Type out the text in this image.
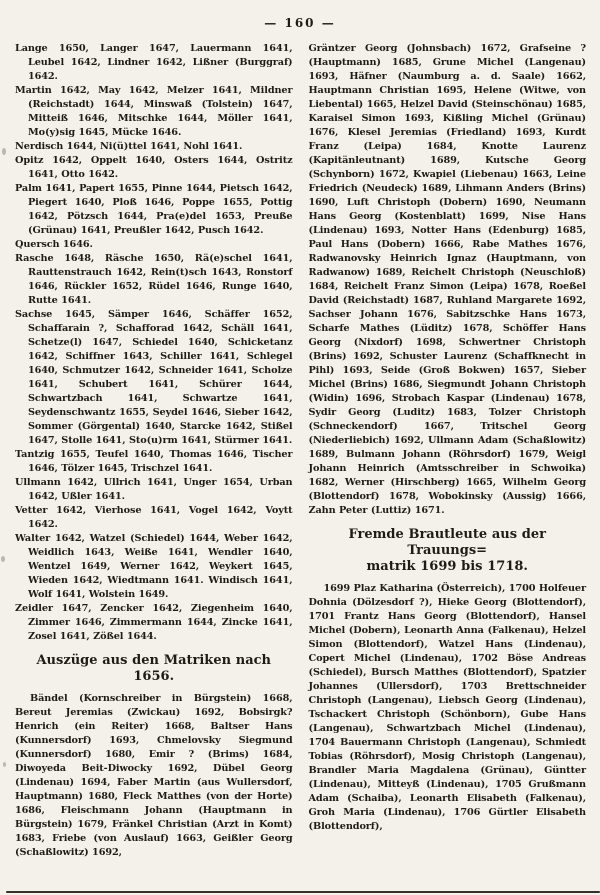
— 160 —

Lange 1650, Langer 1647, Lauermann 1641, Leubel 1642, Lindner 1642, Lißner (Burggraf) 1642.

Martin 1642, May 1642, Melzer 1641, Mildner (Reichstadt) 1644, Minswaß (Tolstein) 1647, Mitteiß 1646, Mitschke 1644, Möller 1641, Mo(y)sig 1645, Mücke 1646.

Nerdisch 1644, Ni(ü)ttel 1641, Nohl 1641.

Opitz 1642, Oppelt 1640, Osters 1644, Ostritz 1641, Otto 1642.

Palm 1641, Papert 1655, Pinne 1644, Pietsch 1642, Piegert 1640, Ploß 1646, Poppe 1655, Pottig 1642, Pötzsch 1644, Pra(e)del 1653, Preuße (Grünau) 1641, Preußler 1642, Pusch 1642.

Quersch 1646.

Rasche 1648, Räsche 1650, Rä(e)schel 1641, Rauttenstrauch 1642, Rein(t)sch 1643, Ronstorf 1646, Rückler 1652, Rüdel 1646, Runge 1640, Rutte 1641.

Sachse 1645, Sämper 1646, Schäffer 1652, Schaffarain ?, Schafforad 1642, Schäll 1641, Schetze(l) 1647, Schiedel 1640, Schicketanz 1642, Schiffner 1643, Schiller 1641, Schlegel 1640, Schmutzer 1642, Schneider 1641, Scholze 1641, Schubert 1641, Schürer 1644, Schwartzbach 1641, Schwartze 1641, Seydenschwantz 1655, Seydel 1646, Sieber 1642, Sommer (Görgental) 1640, Starcke 1642, Stißel 1647, Stolle 1641, Sto(u)rm 1641, Stürmer 1641.

Tantzig 1655, Teufel 1640, Thomas 1646, Tischer 1646, Tölzer 1645, Trischzel 1641.

Ullmann 1642, Ullrich 1641, Unger 1654, Urban 1642, Ußler 1641.

Vetter 1642, Vierhose 1641, Vogel 1642, Voytt 1642.

Walter 1642, Watzel (Schiedel) 1644, Weber 1642, Weidlich 1643, Weiße 1641, Wendler 1640, Wentzel 1649, Werner 1642, Weykert 1645, Wieden 1642, Wiedtmann 1641. Windisch 1641, Wolf 1641, Wolstein 1649.

Zeidler 1647, Zencker 1642, Ziegenheim 1640, Zimmer 1646, Zimmermann 1644, Zincke 1641, Zosel 1641, Zößel 1644.

Auszüge aus den Matriken nach 1656.

Bändel (Kornschreiber in Bürgstein) 1668, Bereut Jeremias (Zwickau) 1692, Bobsirgk? Henrich (ein Reiter) 1668, Baltser Hans (Kunnersdorf) 1693, Chmelovsky Siegmund (Kunnersdorf) 1680, Emir ? (Brims) 1684, Diwoyeda Beit-Diwocky 1692, Dübel Georg (Lindenau) 1694, Faber Martin (aus Wullersdorf, Hauptmann) 1680, Fleck Matthes (von der Horte) 1686, Fleischmann Johann (Hauptmann in Bürgstein) 1679, Fränkel Christian (Arzt in Komt) 1683, Friebe (von Auslauf) 1663, Geißler Georg (Schaßlowitz) 1692,

Gräntzer Georg (Johnsbach) 1672, Grafseine ? (Hauptmann) 1685, Grune Michel (Langenau) 1693, Häfner (Naumburg a. d. Saale) 1662, Hauptmann Christian 1695, Helene (Witwe, von Liebental) 1665, Helzel David (Steinschönau) 1685, Karaisel Simon 1693, Kißling Michel (Grünau) 1676, Klesel Jeremias (Friedland) 1693, Kurdt Franz (Leipa) 1684, Knotte Laurenz (Kapitänleutnant) 1689, Kutsche Georg (Schynborn) 1672, Kwapiel (Liebenau) 1663, Leine Friedrich (Neudeck) 1689, Lihmann Anders (Brins) 1690, Luft Christoph (Dobern) 1690, Neumann Hans Georg (Kostenblatt) 1699, Nise Hans (Lindenau) 1693, Notter Hans (Edenburg) 1685, Paul Hans (Dobern) 1666, Rabe Mathes 1676, Radwanovsky Heinrich Ignaz (Hauptmann, von Radwanow) 1689, Reichelt Christoph (Neuschloß) 1684, Reichelt Franz Simon (Leipa) 1678, Roeßel David (Reichstadt) 1687, Ruhland Margarete 1692, Sachser Johann 1676, Sabitzschke Hans 1673, Scharfe Mathes (Lüditz) 1678, Schöffer Hans Georg (Nixdorf) 1698, Schwertner Christoph (Brins) 1692, Schuster Laurenz (Schaffknecht in Pihl) 1693, Seide (Groß Bokwen) 1657, Sieber Michel (Brins) 1686, Siegmundt Johann Christoph (Widin) 1696, Strobach Kaspar (Lindenau) 1678, Sydir Georg (Luditz) 1683, Tolzer Christoph (Schneckendorf) 1667, Tritschel Georg (Niederliebich) 1692, Ullmann Adam (Schaßlowitz) 1689, Bulmann Johann (Röhrsdorf) 1679, Weigl Johann Heinrich (Amtsschreiber in Schwoika) 1682, Werner (Hirschberg) 1665, Wilhelm Georg (Blottendorf) 1678, Wobokinsky (Aussig) 1666, Zahn Peter (Luttiz) 1671.

Fremde Brautleute aus der Trauungs=
matrik 1699 bis 1718.

1699 Plaz Katharina (Österreich), 1700 Holfeuer Dohnia (Dölzesdorf ?), Hieke Georg (Blottendorf), 1701 Frantz Hans Georg (Blottendorf), Hansel Michel (Dobern), Leonarth Anna (Falkenau), Helzel Simon (Blottendorf), Watzel Hans (Lindenau), Copert Michel (Lindenau), 1702 Böse Andreas (Schiedel), Bursch Matthes (Blottendorf), Spatzier Johannes (Ullersdorf), 1703 Brettschneider Christoph (Langenau), Liebsch Georg (Lindenau), Tschackert Christoph (Schönborn), Gube Hans (Langenau), Schwartzbach Michel (Lindenau), 1704 Bauermann Christoph (Langenau), Schmiedt Tobias (Röhrsdorf), Mosig Christoph (Langenau), Brandler Maria Magdalena (Grünau), Güntter (Lindenau), Mitteyß (Lindenau), 1705 Grußmann Adam (Schaiba), Leonarth Elisabeth (Falkenau), Groh Maria (Lindenau), 1706 Gürtler Elisabeth (Blottendorf),
